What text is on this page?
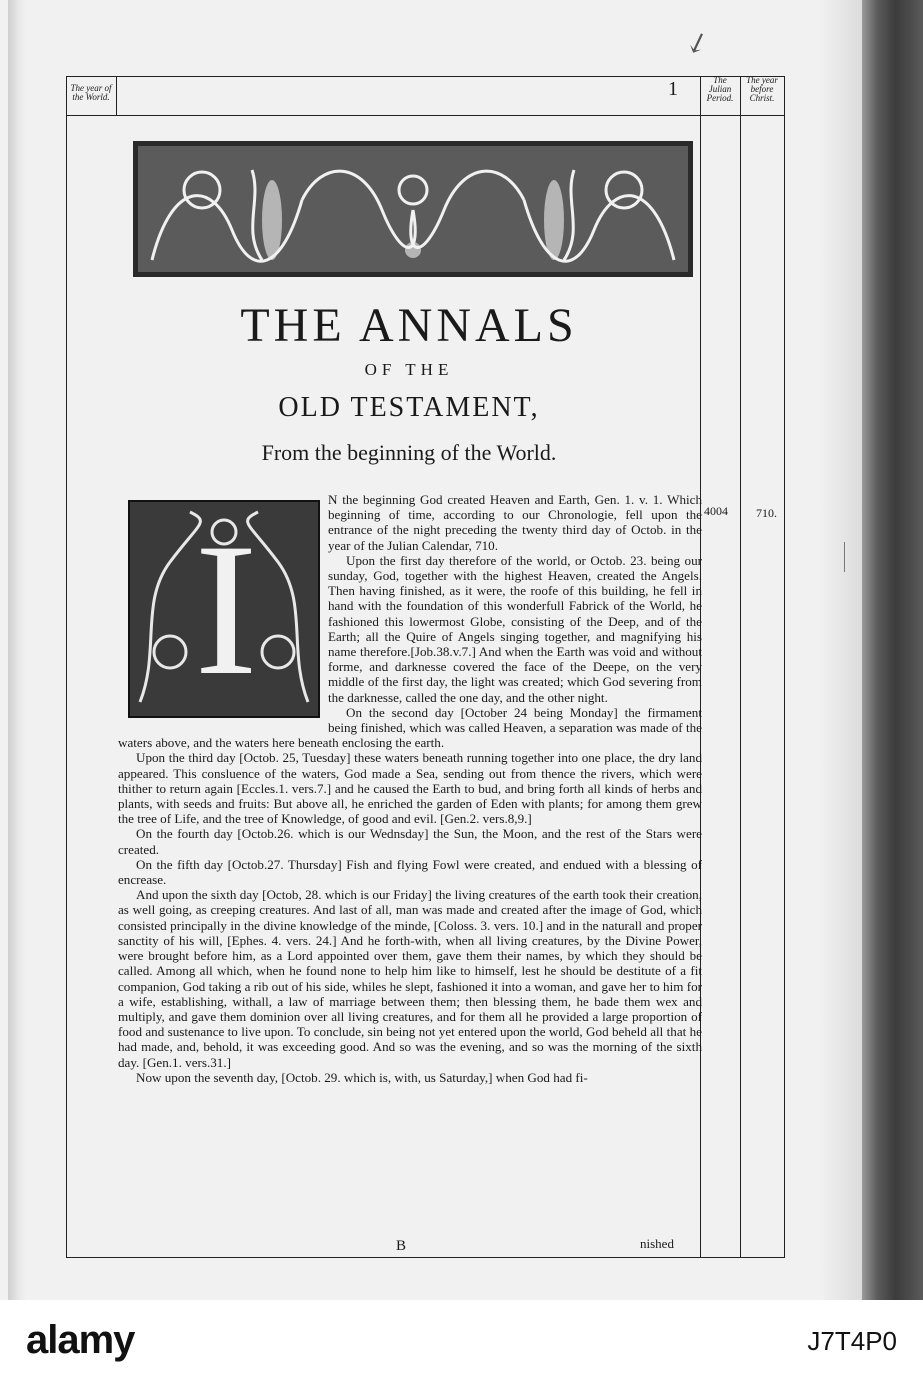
↙
The year of the World.	1	The Julian Period.
The year before Christ.
THE ANNALS
OF THE
OLD TESTAMENT,
From the beginning of the World.
4004 710.
I

N the beginning God created Heaven and Earth, Gen. 1. v. 1. Which beginning of time, according to our Chronologie, fell upon the entrance of the night preceding the twenty third day of Octob. in the year of the Julian Calendar, 710.

Upon the first day therefore of the world, or Octob. 23. being our sunday, God, together with the highest Heaven, created the Angels. Then having finished, as it were, the roofe of this building, he fell in hand with the foundation of this wonderfull Fabrick of the World, he fashioned this lowermost Globe, consisting of the Deep, and of the Earth; all the Quire of Angels singing together, and magnifying his name therefore.[Job.38.v.7.] And when the Earth was void and without forme, and darknesse covered the face of the Deepe, on the very middle of the first day, the light was created; which God severing from the darknesse, called the one day, and the other night.

On the second day [October 24 being Monday] the firmament being finished, which was called Heaven, a separation was made of the waters above, and the waters here beneath enclosing the earth.

Upon the third day [Octob. 25, Tuesday] these waters beneath running together into one place, the dry land appeared. This consluence of the waters, God made a Sea, sending out from thence the rivers, which were thither to return again [Eccles.1. vers.7.] and he caused the Earth to bud, and bring forth all kinds of herbs and plants, with seeds and fruits: But above all, he enriched the garden of Eden with plants; for among them grew the tree of Life, and the tree of Knowledge, of good and evil. [Gen.2. vers.8,9.]

On the fourth day [Octob.26. which is our Wednsday] the Sun, the Moon, and the rest of the Stars were created.

On the fifth day [Octob.27. Thursday] Fish and flying Fowl were created, and endued with a blessing of encrease.

And upon the sixth day [Octob, 28. which is our Friday] the living creatures of the earth took their creation, as well going, as creeping creatures. And last of all, man was made and created after the image of God, which consisted principally in the divine knowledge of the minde, [Coloss. 3. vers. 10.] and in the naturall and proper sanctity of his will, [Ephes. 4. vers. 24.] And he forth-with, when all living creatures, by the Divine Power, were brought before him, as a Lord appointed over them, gave them their names, by which they should be called. Among all which, when he found none to help him like to himself, lest he should be destitute of a fit companion, God taking a rib out of his side, whiles he slept, fashioned it into a woman, and gave her to him for a wife, establishing, withall, a law of marriage between them; then blessing them, he bade them wex and multiply, and gave them dominion over all living creatures, and for them all he provided a large proportion of food and sustenance to live upon. To conclude, sin being not yet entered upon the world, God beheld all that he had made, and, behold, it was exceeding good. And so was the evening, and so was the morning of the sixth day. [Gen.1. vers.31.]

Now upon the seventh day, [Octob. 29. which is, with, us Saturday,] when God had fi-

B	nished
alamy	J7T4P0
